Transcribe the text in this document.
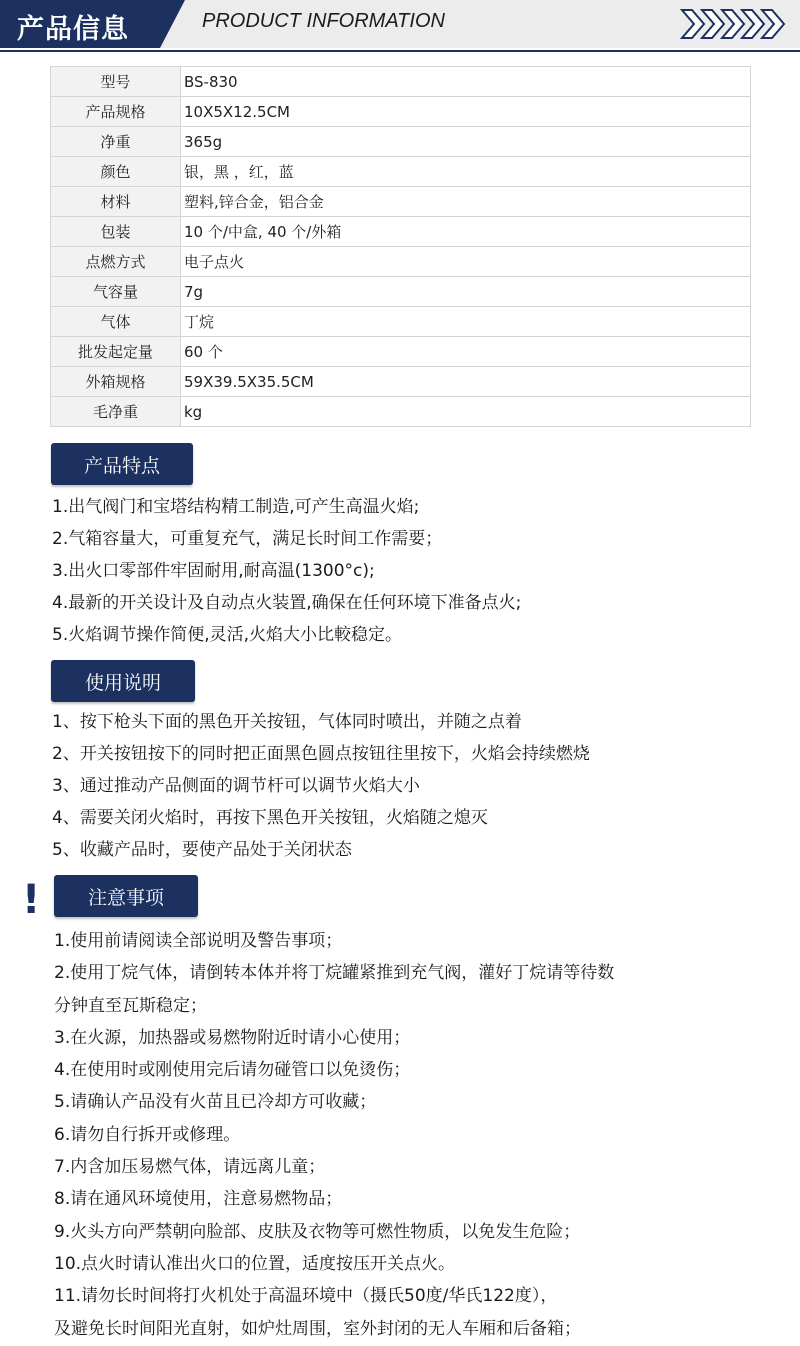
产品信息	PRODUCT INFORMATION
型号	BS-830
产品规格	10X5X12.5CM
净重	365g
颜色	银，黑 ，红，蓝
材料	塑料,锌合金，铝合金
包装	10 个/中盒, 40 个/外箱
点燃方式	电子点火
气容量	7g
气体	丁烷
批发起定量	60 个
外箱规格	59X39.5X35.5CM
毛净重	kg
产品特点
1.出气阀门和宝塔结构精工制造,可产生高温火焰;
2.气箱容量大，可重复充气，满足长时间工作需要；
3.出火口零部件牢固耐用,耐高温(1300°c);
4.最新的开关设计及自动点火装置,确保在任何环境下准备点火;
5.火焰调节操作简便,灵活,火焰大小比較稳定。
使用说明
1、按下枪头下面的黑色开关按钮，气体同时喷出，并随之点着
2、开关按钮按下的同时把正面黑色圆点按钮往里按下，火焰会持续燃烧
3、通过推动产品侧面的调节杆可以调节火焰大小
4、需要关闭火焰时，再按下黑色开关按钮，火焰随之熄灭
5、收藏产品时，要使产品处于关闭状态
!	注意事项
1.使用前请阅读全部说明及警告事项；
2.使用丁烷气体，请倒转本体并将丁烷罐紧推到充气阀，灌好丁烷请等待数
分钟直至瓦斯稳定；
3.在火源，加热器或易燃物附近时请小心使用；
4.在使用时或刚使用完后请勿碰管口以免烫伤；
5.请确认产品没有火苗且已冷却方可收藏；
6.请勿自行拆开或修理。
7.内含加压易燃气体，请远离儿童；
8.请在通风环境使用，注意易燃物品；
9.火头方向严禁朝向脸部、皮肤及衣物等可燃性物质，以免发生危险；
10.点火时请认准出火口的位置，适度按压开关点火。
11.请勿长时间将打火机处于高温环境中（摄氏50度/华氏122度），
及避免长时间阳光直射，如炉灶周围，室外封闭的无人车厢和后备箱；
